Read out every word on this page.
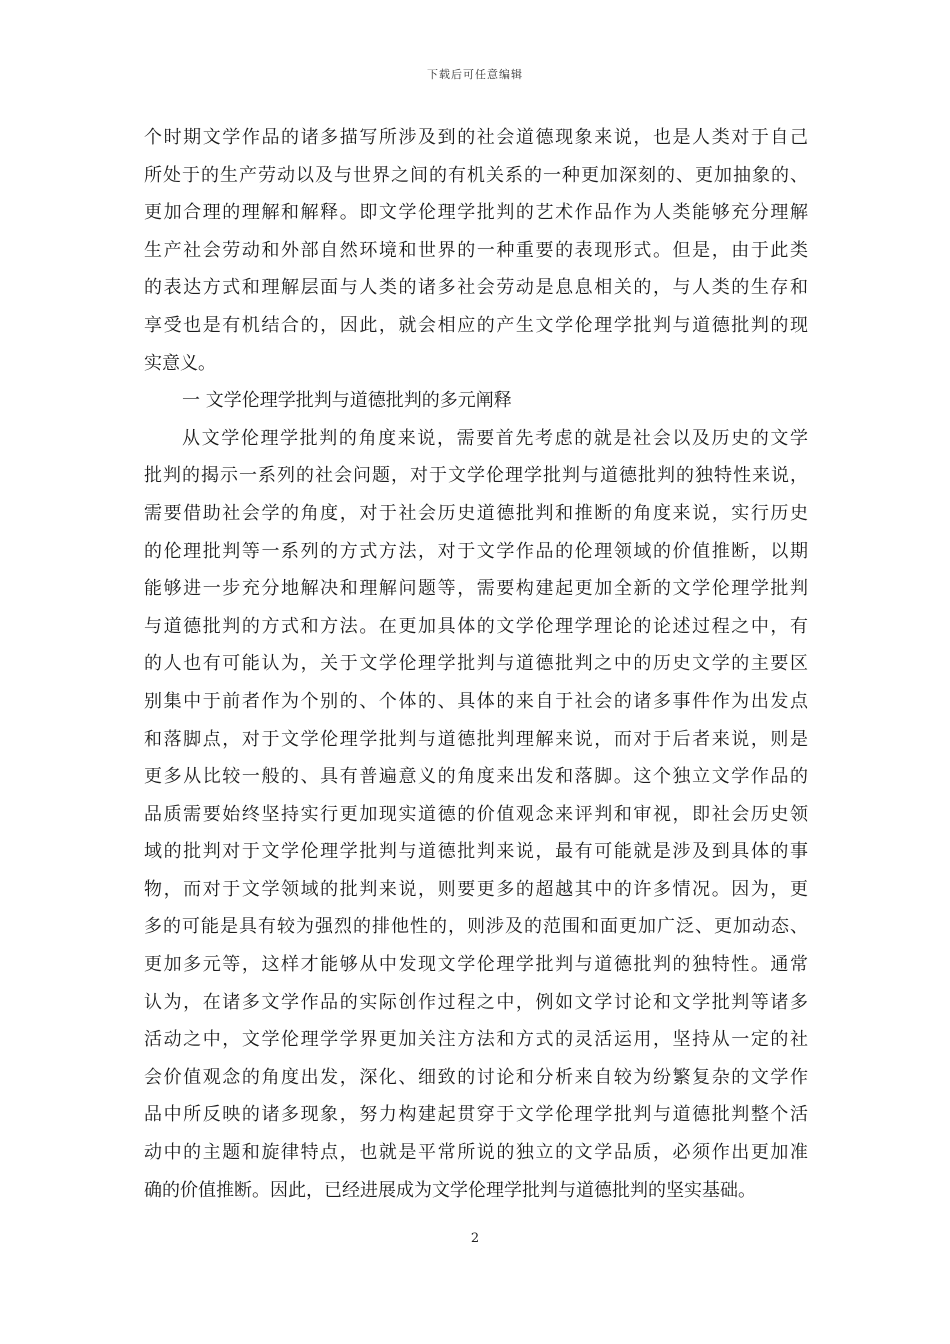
下载后可任意编辑
个时期文学作品的诸多描写所涉及到的社会道德现象来说，也是人类对于自己
所处于的生产劳动以及与世界之间的有机关系的一种更加深刻的、更加抽象的、
更加合理的理解和解释。即文学伦理学批判的艺术作品作为人类能够充分理解
生产社会劳动和外部自然环境和世界的一种重要的表现形式。但是，由于此类
的表达方式和理解层面与人类的诸多社会劳动是息息相关的，与人类的生存和
享受也是有机结合的，因此，就会相应的产生文学伦理学批判与道德批判的现
实意义。
一 文学伦理学批判与道德批判的多元阐释
从文学伦理学批判的角度来说，需要首先考虑的就是社会以及历史的文学
批判的揭示一系列的社会问题，对于文学伦理学批判与道德批判的独特性来说，
需要借助社会学的角度，对于社会历史道德批判和推断的角度来说，实行历史
的伦理批判等一系列的方式方法，对于文学作品的伦理领域的价值推断，以期
能够进一步充分地解决和理解问题等，需要构建起更加全新的文学伦理学批判
与道德批判的方式和方法。在更加具体的文学伦理学理论的论述过程之中，有
的人也有可能认为，关于文学伦理学批判与道德批判之中的历史文学的主要区
别集中于前者作为个别的、个体的、具体的来自于社会的诸多事件作为出发点
和落脚点，对于文学伦理学批判与道德批判理解来说，而对于后者来说，则是
更多从比较一般的、具有普遍意义的角度来出发和落脚。这个独立文学作品的
品质需要始终坚持实行更加现实道德的价值观念来评判和审视，即社会历史领
域的批判对于文学伦理学批判与道德批判来说，最有可能就是涉及到具体的事
物，而对于文学领域的批判来说，则要更多的超越其中的许多情况。因为，更
多的可能是具有较为强烈的排他性的，则涉及的范围和面更加广泛、更加动态、
更加多元等，这样才能够从中发现文学伦理学批判与道德批判的独特性。通常
认为，在诸多文学作品的实际创作过程之中，例如文学讨论和文学批判等诸多
活动之中，文学伦理学学界更加关注方法和方式的灵活运用，坚持从一定的社
会价值观念的角度出发，深化、细致的讨论和分析来自较为纷繁复杂的文学作
品中所反映的诸多现象，努力构建起贯穿于文学伦理学批判与道德批判整个活
动中的主题和旋律特点，也就是平常所说的独立的文学品质，必须作出更加准
确的价值推断。因此，已经进展成为文学伦理学批判与道德批判的坚实基础。
2
